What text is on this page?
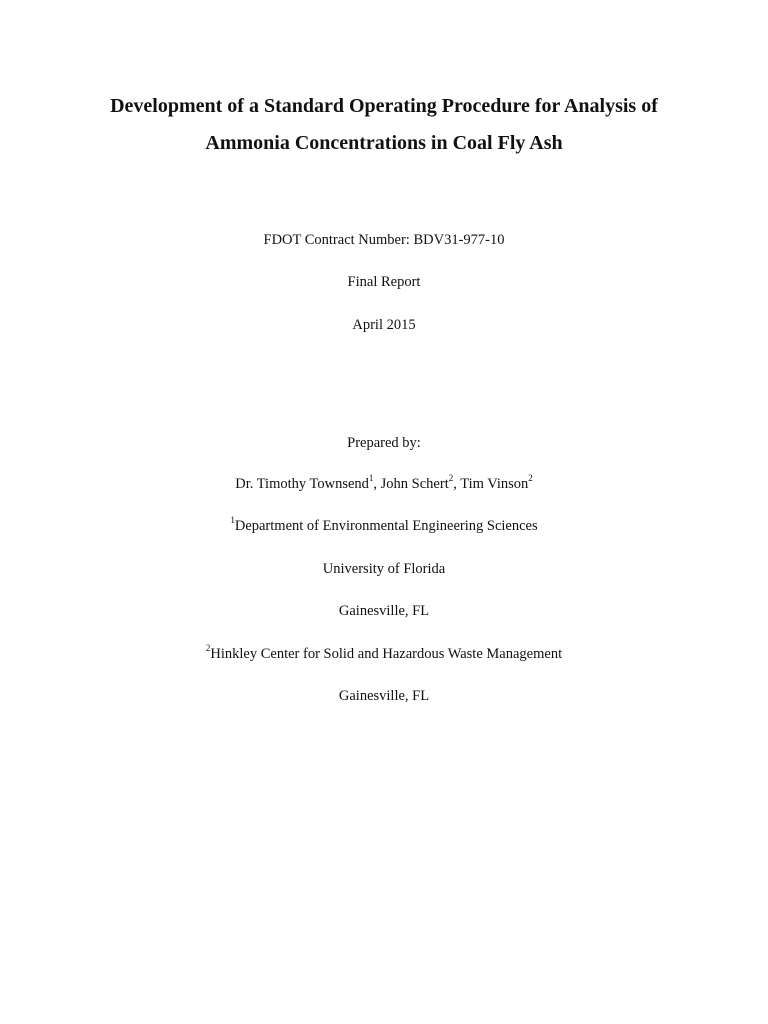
Development of a Standard Operating Procedure for Analysis of
Ammonia Concentrations in Coal Fly Ash
FDOT Contract Number: BDV31-977-10
Final Report
April 2015
Prepared by:
Dr. Timothy Townsend$^1$, John Schert$^2$, Tim Vinson$^2$
$^1$Department of Environmental Engineering Sciences
University of Florida
Gainesville, FL
$^2$Hinkley Center for Solid and Hazardous Waste Management
Gainesville, FL
